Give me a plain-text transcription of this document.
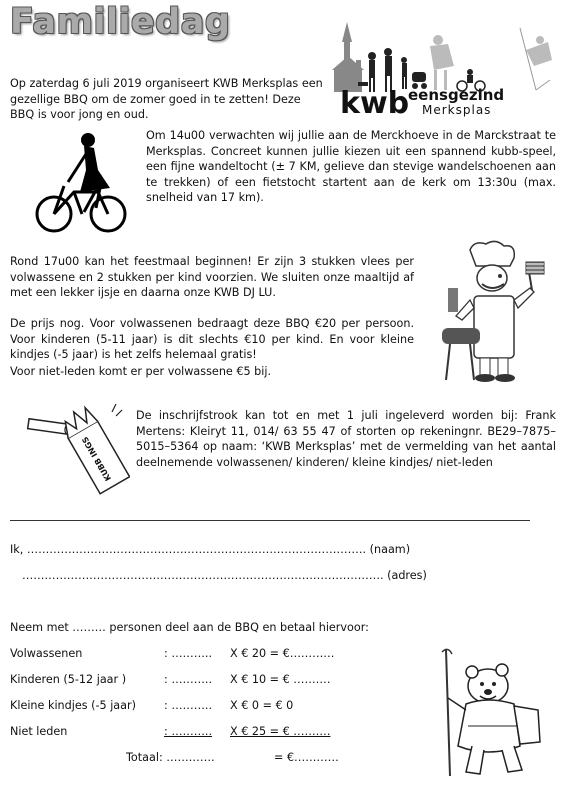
Familiedag
kwb
eensgezind
Merksplas
Op zaterdag 6 juli 2019 organiseert KWB Merksplas een gezellige BBQ om de zomer goed in te zetten! Deze BBQ is voor jong en oud.
Om 14u00 verwachten wij jullie aan de Merckhoeve in de Marckstraat te Merksplas. Concreet kunnen jullie kiezen uit een spannend kubb-speel, een fijne wandeltocht (± 7 KM, gelieve dan stevige wandelschoenen aan te trekken) of een fietstocht startent aan de kerk om 13:30u (max. snelheid van 17 km).
Rond 17u00 kan het feestmaal beginnen! Er zijn 3 stukken vlees per volwassene en 2 stukken per kind voorzien. We sluiten onze maaltijd af met een lekker ijsje en daarna onze KWB DJ LU.
De prijs nog. Voor volwassenen bedraagt deze BBQ €20 per persoon. Voor kinderen (5-11 jaar) is dit slechts €10 per kind. En voor kleine kindjes (-5 jaar) is het zelfs helemaal gratis!
Voor niet-leden komt er per volwassene €5 bij.
KUBB INGS
De inschrijfstrook kan tot en met 1 juli ingeleverd worden bij: Frank Mertens: Kleiryt 11, 014/ 63 55 47 of storten op rekeningnr. BE29–7875–5015–5364 op naam: ‘KWB Merksplas’ met de vermelding van het aantal deelnemende volwassenen/ kinderen/ kleine kindjes/ niet-leden
Ik, ………………………………………………………………………………. (naam)
……………………………………………………………………………………. (adres)
Neem met ……… personen deel aan de BBQ en betaal hiervoor:
Volwassenen	: ……….. X € 20 = €…………
Kinderen (5-12 jaar )	: ……….. X € 10 = € ……….
Kleine kindjes (-5 jaar)	: ……….. X € 0 = € 0
Niet leden	: ……….. X € 25 = € ……….
Totaal: ………….	= €…………
